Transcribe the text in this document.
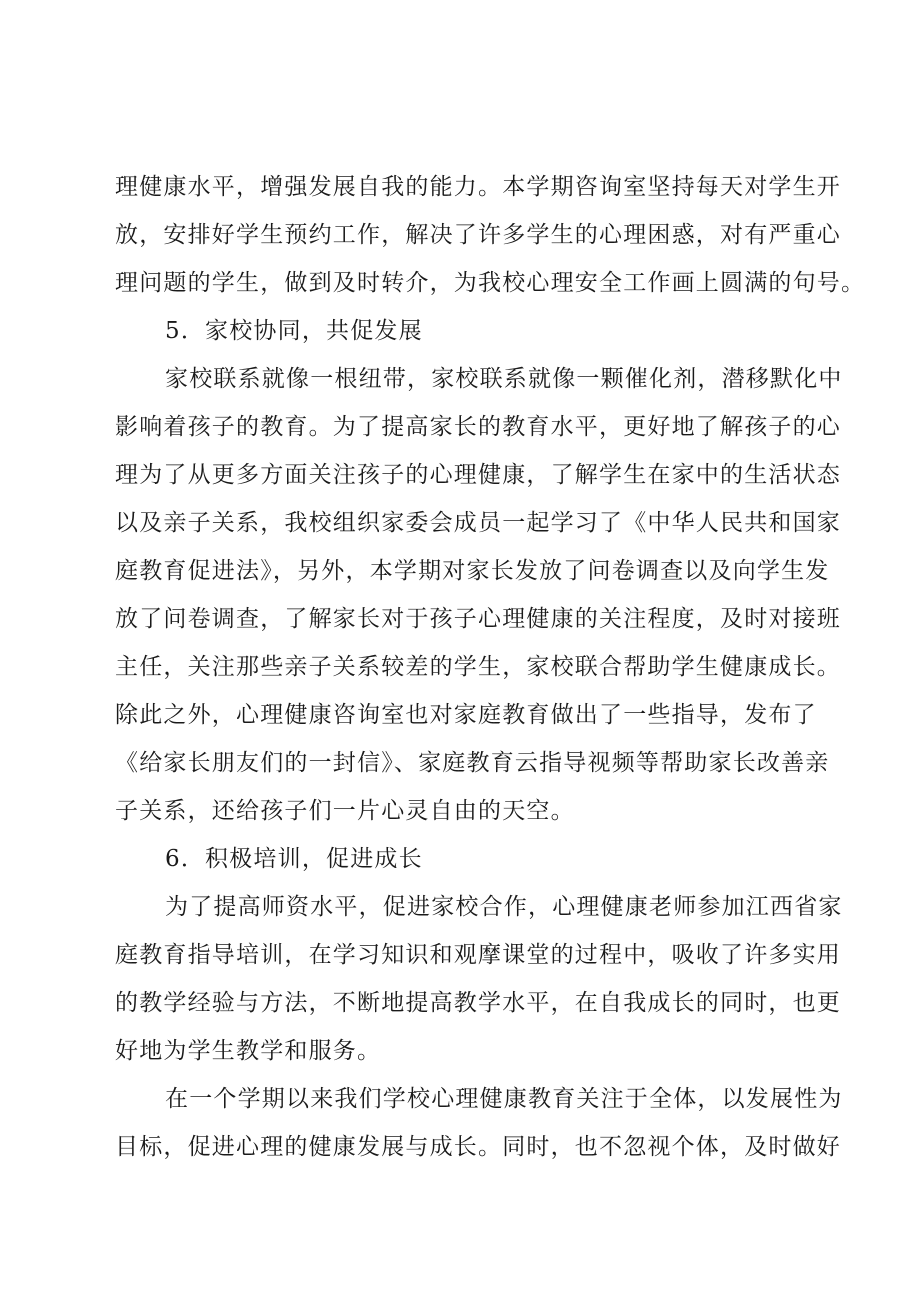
理健康水平，增强发展自我的能力。本学期咨询室坚持每天对学生开
放，安排好学生预约工作，解决了许多学生的心理困惑，对有严重心
理问题的学生，做到及时转介，为我校心理安全工作画上圆满的句号。
5．家校协同，共促发展
家校联系就像一根纽带，家校联系就像一颗催化剂，潜移默化中
影响着孩子的教育。为了提高家长的教育水平，更好地了解孩子的心
理为了从更多方面关注孩子的心理健康，了解学生在家中的生活状态
以及亲子关系，我校组织家委会成员一起学习了《中华人民共和国家
庭教育促进法》，另外，本学期对家长发放了问卷调查以及向学生发
放了问卷调查，了解家长对于孩子心理健康的关注程度，及时对接班
主任，关注那些亲子关系较差的学生，家校联合帮助学生健康成长。
除此之外，心理健康咨询室也对家庭教育做出了一些指导，发布了
《给家长朋友们的一封信》、家庭教育云指导视频等帮助家长改善亲
子关系，还给孩子们一片心灵自由的天空。
6．积极培训，促进成长
为了提高师资水平，促进家校合作，心理健康老师参加江西省家
庭教育指导培训，在学习知识和观摩课堂的过程中，吸收了许多实用
的教学经验与方法，不断地提高教学水平，在自我成长的同时，也更
好地为学生教学和服务。
在一个学期以来我们学校心理健康教育关注于全体，以发展性为
目标，促进心理的健康发展与成长。同时，也不忽视个体，及时做好
